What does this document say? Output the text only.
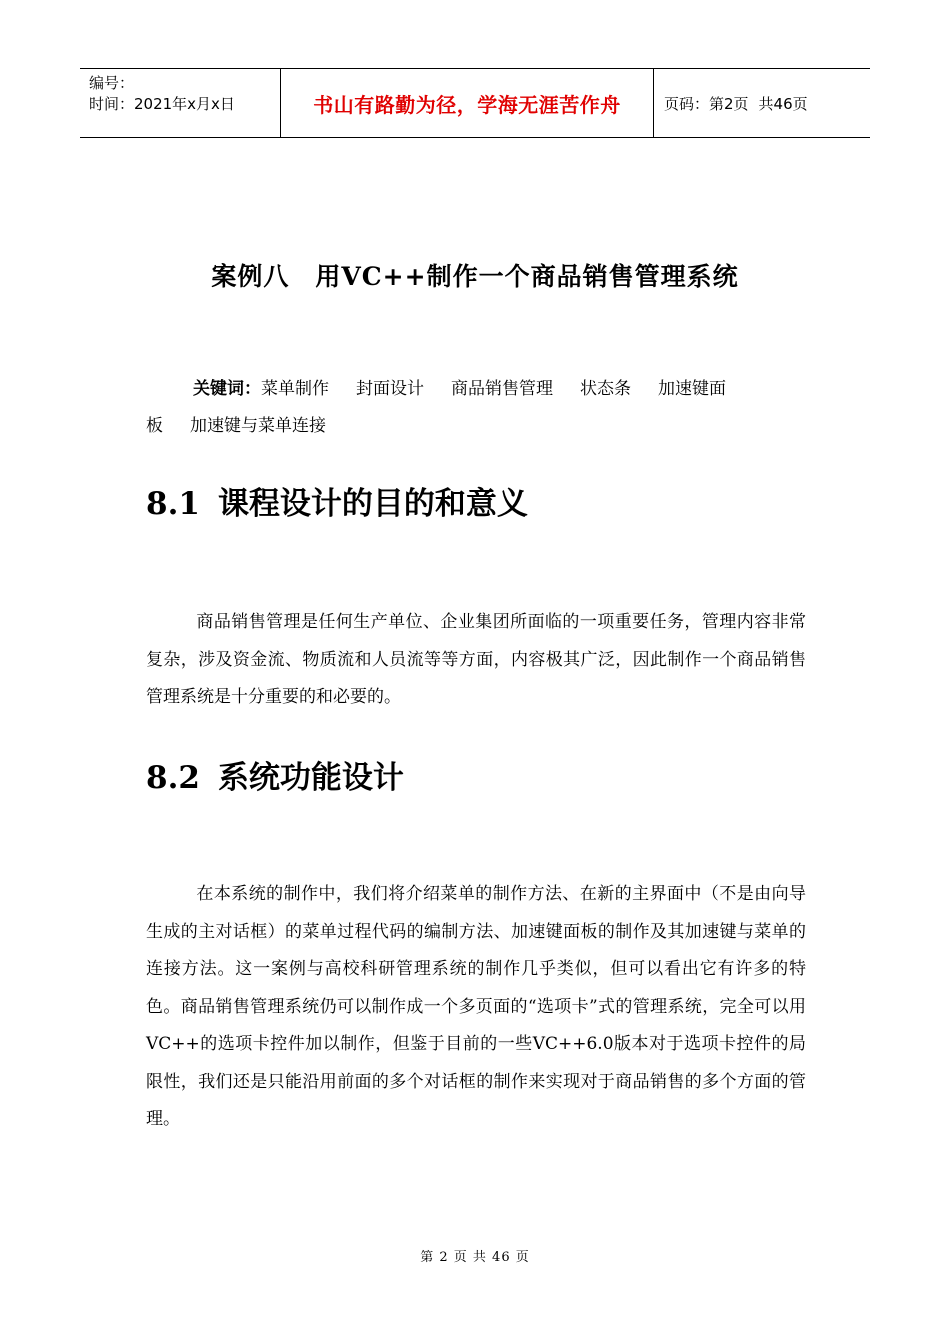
编号：
时间：2021年x月x日	书山有路勤为径，学海无涯苦作舟	页码：第2页 共46页
案例八　用VC++制作一个商品销售管理系统
关键词：菜单制作 封面设计 商品销售管理 状态条 加速键面
板 加速键与菜单连接
8.1 课程设计的目的和意义
商品销售管理是任何生产单位、企业集团所面临的一项重要任务，管理内容非常复杂，涉及资金流、物质流和人员流等等方面，内容极其广泛，因此制作一个商品销售管理系统是十分重要的和必要的。
8.2 系统功能设计
在本系统的制作中，我们将介绍菜单的制作方法、在新的主界面中（不是由向导生成的主对话框）的菜单过程代码的编制方法、加速键面板的制作及其加速键与菜单的连接方法。这一案例与高校科研管理系统的制作几乎类似，但可以看出它有许多的特色。商品销售管理系统仍可以制作成一个多页面的“选项卡”式的管理系统，完全可以用VC++的选项卡控件加以制作，但鉴于目前的一些VC++6.0版本对于选项卡控件的局限性，我们还是只能沿用前面的多个对话框的制作来实现对于商品销售的多个方面的管理。
第 2 页 共 46 页
